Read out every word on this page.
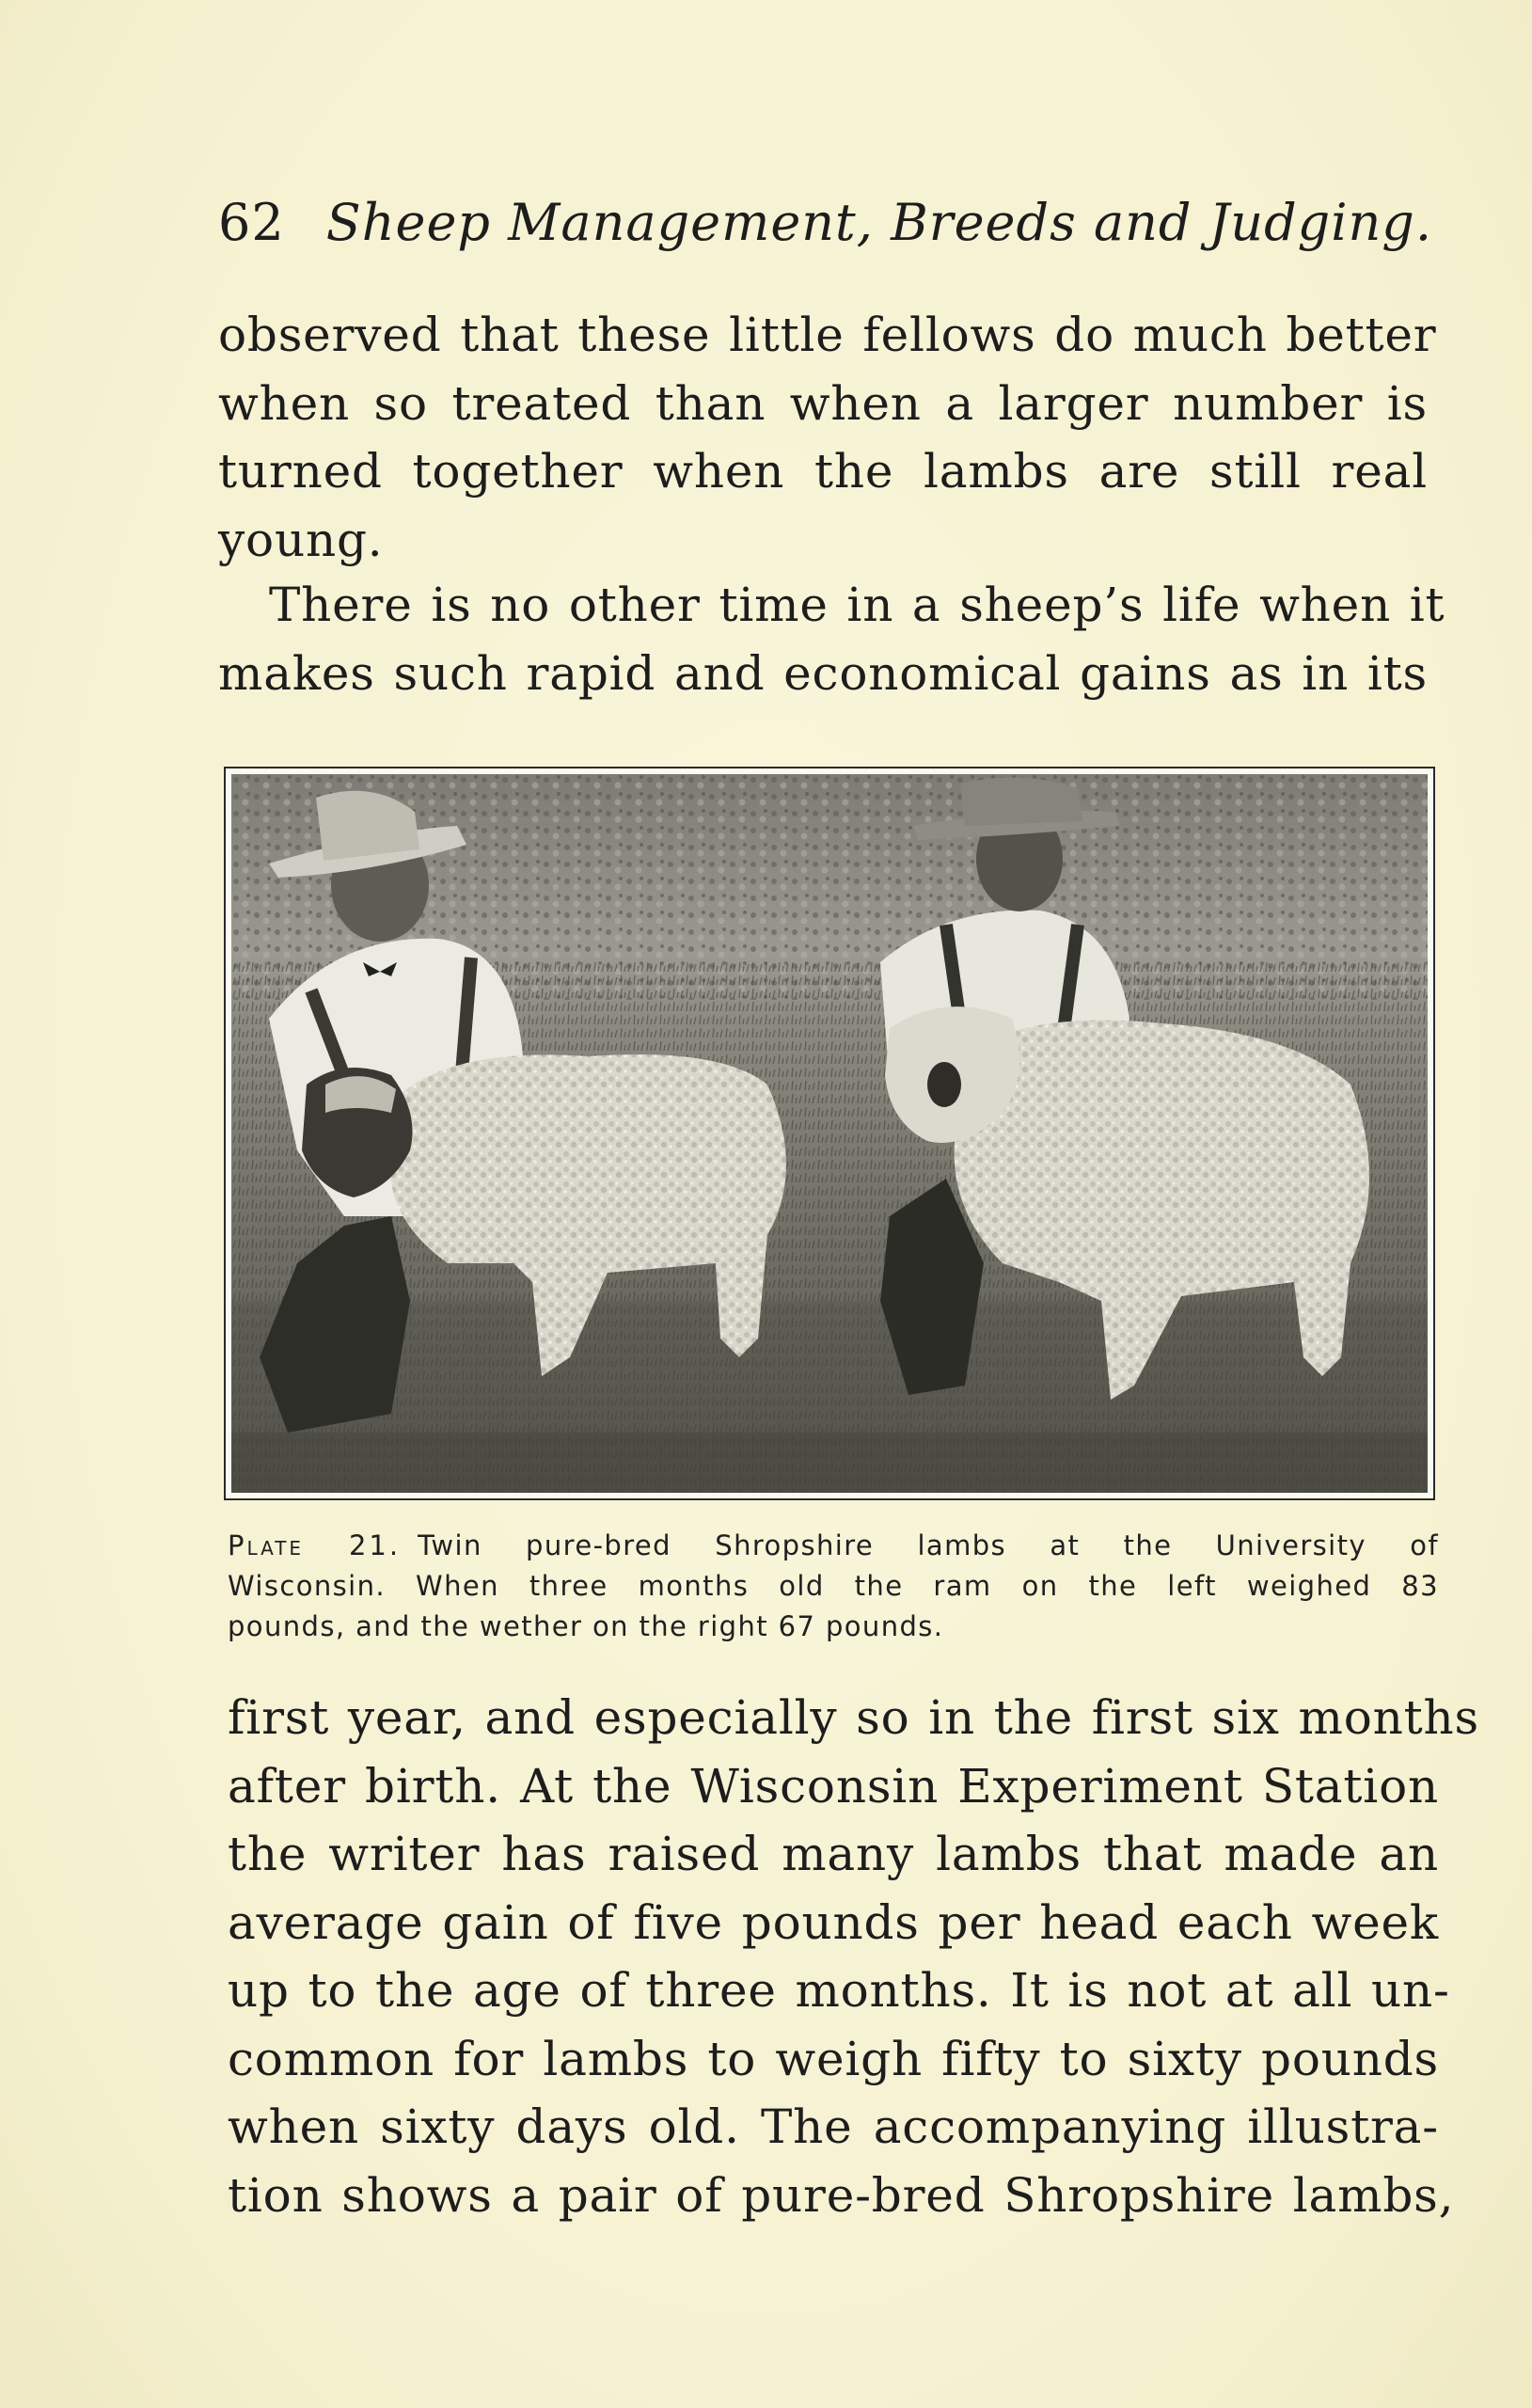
62 Sheep Management, Breeds and Judging.
observed that these little fellows do much better
when so treated than when a larger number is
turned together when the lambs are still real
young.
There is no other time in a sheep’s life when it
makes such rapid and economical gains as in its
Plate 21. Twin pure-bred Shropshire lambs at the University of
Wisconsin. When three months old the ram on the left weighed 83
pounds, and the wether on the right 67 pounds.
first year, and especially so in the first six months
after birth. At the Wisconsin Experiment Station
the writer has raised many lambs that made an
average gain of five pounds per head each week
up to the age of three months. It is not at all un-
common for lambs to weigh fifty to sixty pounds
when sixty days old. The accompanying illustra-
tion shows a pair of pure-bred Shropshire lambs,
